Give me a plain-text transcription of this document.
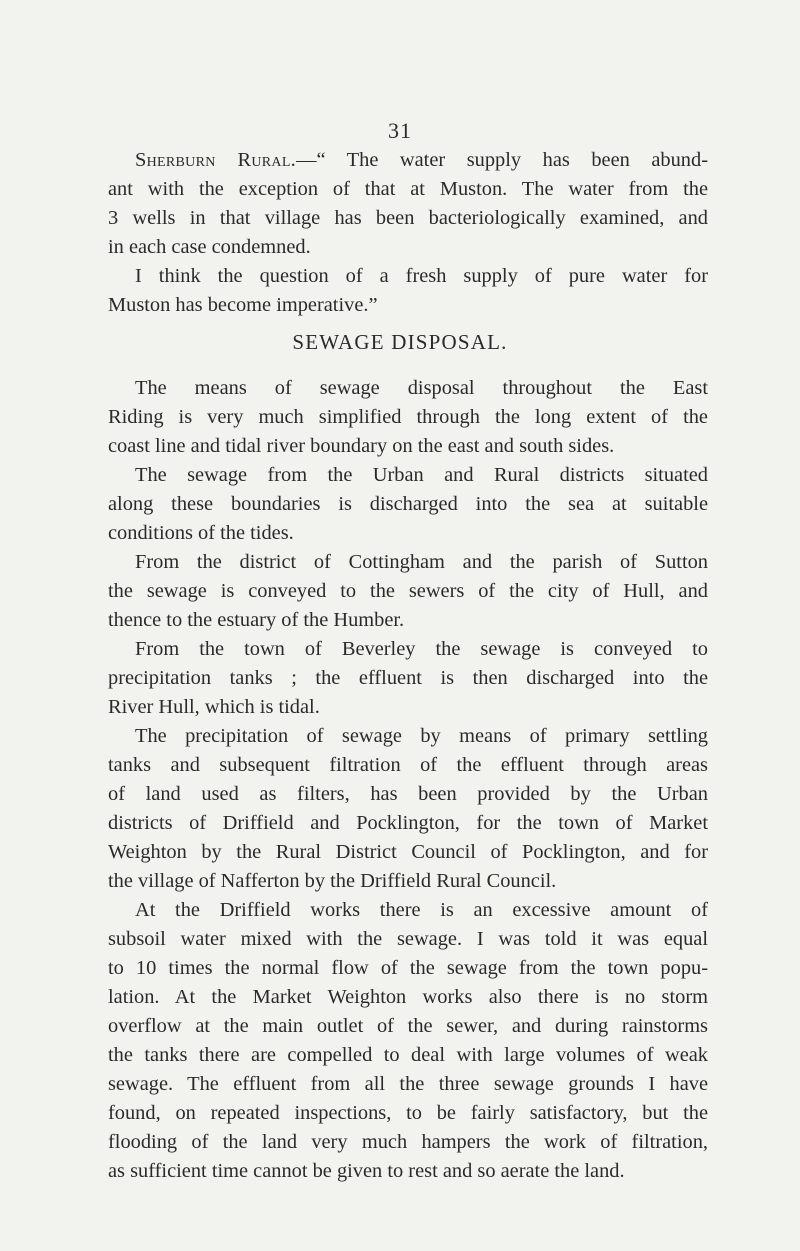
31
Sherburn Rural.—“ The water supply has been abund-
ant with the exception of that at Muston. The water from the
3 wells in that village has been bacteriologically examined, and
in each case condemned.
I think the question of a fresh supply of pure water for
Muston has become imperative.”
The means of sewage disposal throughout the East
Riding is very much simplified through the long extent of the
coast line and tidal river boundary on the east and south sides.
The sewage from the Urban and Rural districts situated
along these boundaries is discharged into the sea at suitable
conditions of the tides.
From the district of Cottingham and the parish of Sutton
the sewage is conveyed to the sewers of the city of Hull, and
thence to the estuary of the Humber.
From the town of Beverley the sewage is conveyed to
precipitation tanks ; the effluent is then discharged into the
River Hull, which is tidal.
The precipitation of sewage by means of primary settling
tanks and subsequent filtration of the effluent through areas
of land used as filters, has been provided by the Urban
districts of Driffield and Pocklington, for the town of Market
Weighton by the Rural District Council of Pocklington, and for
the village of Nafferton by the Driffield Rural Council.
At the Driffield works there is an excessive amount of
subsoil water mixed with the sewage. I was told it was equal
to 10 times the normal flow of the sewage from the town popu-
lation. At the Market Weighton works also there is no storm
overflow at the main outlet of the sewer, and during rainstorms
the tanks there are compelled to deal with large volumes of weak
sewage. The effluent from all the three sewage grounds I have
found, on repeated inspections, to be fairly satisfactory, but the
flooding of the land very much hampers the work of filtration,
as sufficient time cannot be given to rest and so aerate the land.
SEWAGE DISPOSAL.
